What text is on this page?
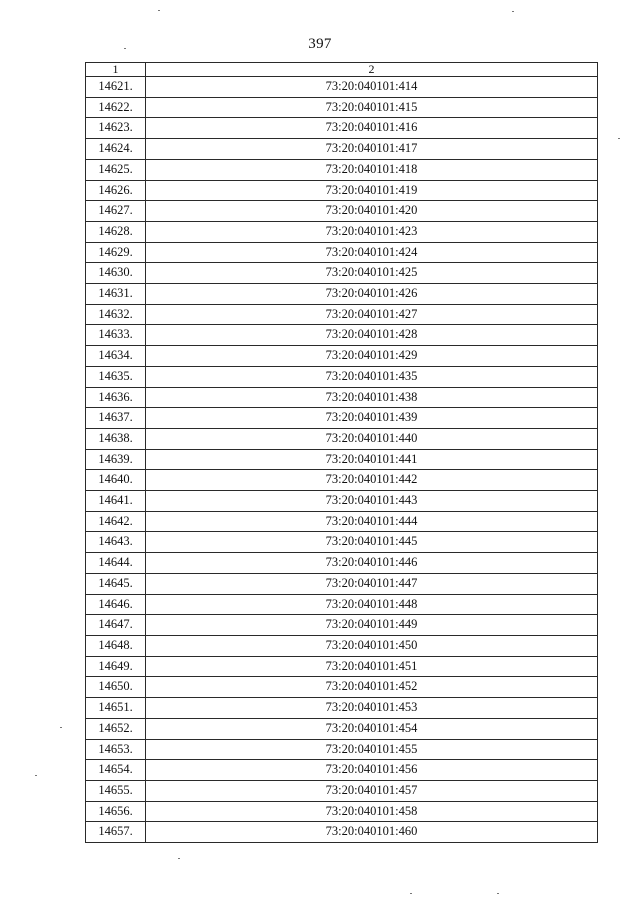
397
1	2
14621.	73:20:040101:414
14622.	73:20:040101:415
14623.	73:20:040101:416
14624.	73:20:040101:417
14625.	73:20:040101:418
14626.	73:20:040101:419
14627.	73:20:040101:420
14628.	73:20:040101:423
14629.	73:20:040101:424
14630.	73:20:040101:425
14631.	73:20:040101:426
14632.	73:20:040101:427
14633.	73:20:040101:428
14634.	73:20:040101:429
14635.	73:20:040101:435
14636.	73:20:040101:438
14637.	73:20:040101:439
14638.	73:20:040101:440
14639.	73:20:040101:441
14640.	73:20:040101:442
14641.	73:20:040101:443
14642.	73:20:040101:444
14643.	73:20:040101:445
14644.	73:20:040101:446
14645.	73:20:040101:447
14646.	73:20:040101:448
14647.	73:20:040101:449
14648.	73:20:040101:450
14649.	73:20:040101:451
14650.	73:20:040101:452
14651.	73:20:040101:453
14652.	73:20:040101:454
14653.	73:20:040101:455
14654.	73:20:040101:456
14655.	73:20:040101:457
14656.	73:20:040101:458
14657.	73:20:040101:460
